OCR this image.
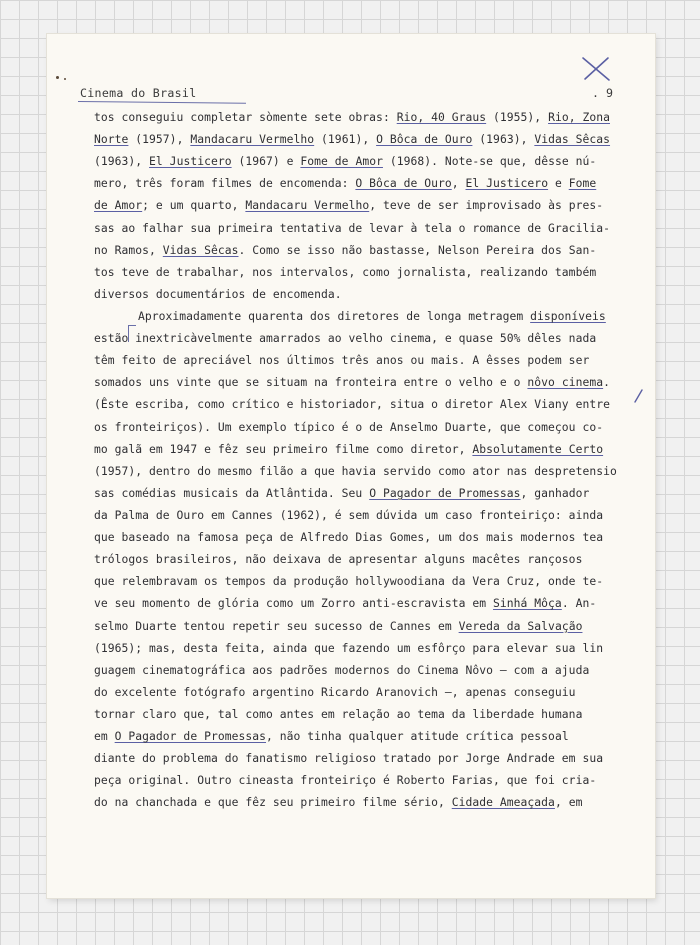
Cinema do Brasil	. 9
tos conseguiu completar sòmente sete obras: Rio, 40 Graus (1955), Rio, Zona
Norte (1957), Mandacaru Vermelho (1961), O Bôca de Ouro (1963), Vidas Sêcas
(1963), El Justicero (1967) e Fome de Amor (1968). Note-se que, dêsse nú-
mero, três foram filmes de encomenda: O Bôca de Ouro, El Justicero e Fome
de Amor; e um quarto, Mandacaru Vermelho, teve de ser improvisado às pres-
sas ao falhar sua primeira tentativa de levar à tela o romance de Gracilia-
no Ramos, Vidas Sêcas. Como se isso não bastasse, Nelson Pereira dos San-
tos teve de trabalhar, nos intervalos, como jornalista, realizando também
diversos documentários de encomenda.
Aproximadamente quarenta dos diretores de longa metragem disponíveis
estão inextricàvelmente amarrados ao velho cinema, e quase 50% dêles nada
têm feito de apreciável nos últimos três anos ou mais. A êsses podem ser
somados uns vinte que se situam na fronteira entre o velho e o nôvo cinema.
(Êste escriba, como crítico e historiador, situa o diretor Alex Viany entre
os fronteiriços). Um exemplo típico é o de Anselmo Duarte, que começou co-
mo galã em 1947 e fêz seu primeiro filme como diretor, Absolutamente Certo
(1957), dentro do mesmo filão a que havia servido como ator nas despretensio
sas comédias musicais da Atlântida. Seu O Pagador de Promessas, ganhador
da Palma de Ouro em Cannes (1962), é sem dúvida um caso fronteiriço: ainda
que baseado na famosa peça de Alfredo Dias Gomes, um dos mais modernos tea
trólogos brasileiros, não deixava de apresentar alguns macêtes rançosos
que relembravam os tempos da produção hollywoodiana da Vera Cruz, onde te-
ve seu momento de glória como um Zorro anti-escravista em Sinhá Môça. An-
selmo Duarte tentou repetir seu sucesso de Cannes em Vereda da Salvação
(1965); mas, desta feita, ainda que fazendo um esfôrço para elevar sua lin
guagem cinematográfica aos padrões modernos do Cinema Nôvo — com a ajuda
do excelente fotógrafo argentino Ricardo Aranovich —, apenas conseguiu
tornar claro que, tal como antes em relação ao tema da liberdade humana
em O Pagador de Promessas, não tinha qualquer atitude crítica pessoal
diante do problema do fanatismo religioso tratado por Jorge Andrade em sua
peça original. Outro cineasta fronteiriço é Roberto Farias, que foi cria-
do na chanchada e que fêz seu primeiro filme sério, Cidade Ameaçada, em
